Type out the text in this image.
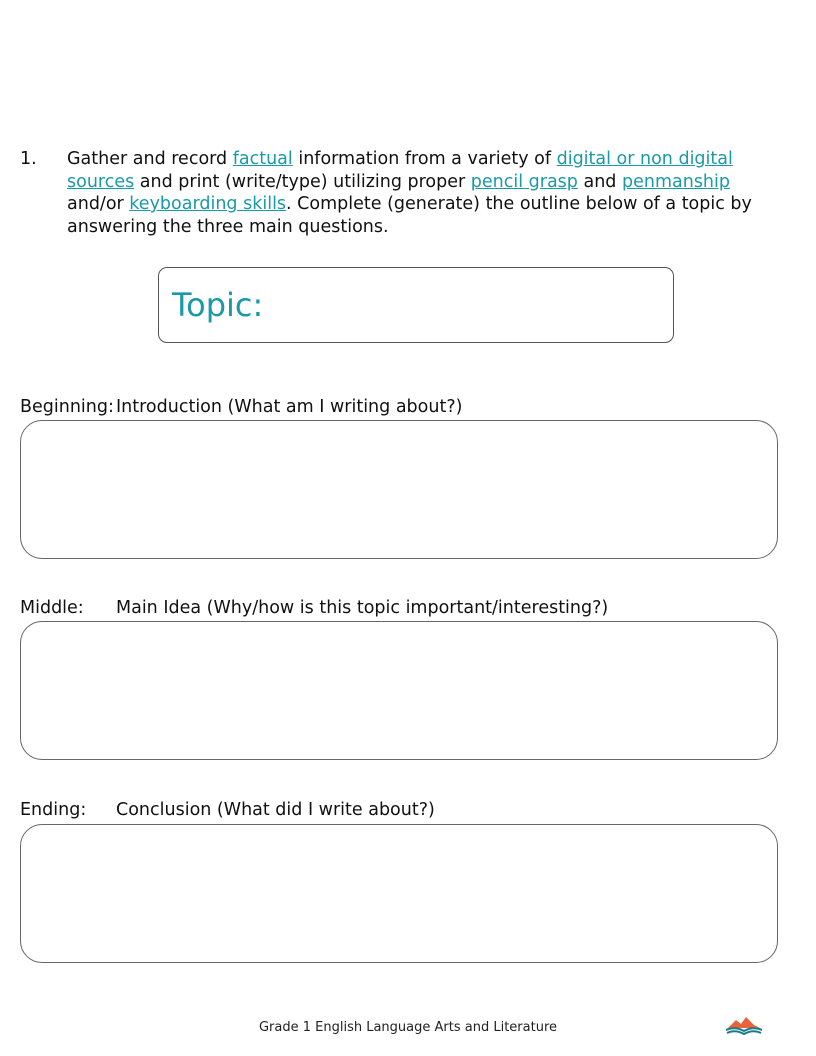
1. Gather and record factual information from a variety of digital or non digital sources and print (write/type) utilizing proper pencil grasp and penmanship and/or keyboarding skills. Complete (generate) the outline below of a topic by answering the three main questions.
Topic:
Beginning: Introduction (What am I writing about?)
Middle: Main Idea (Why/how is this topic important/interesting?)
Ending: Conclusion (What did I write about?)
Grade 1 English Language Arts and Literature
